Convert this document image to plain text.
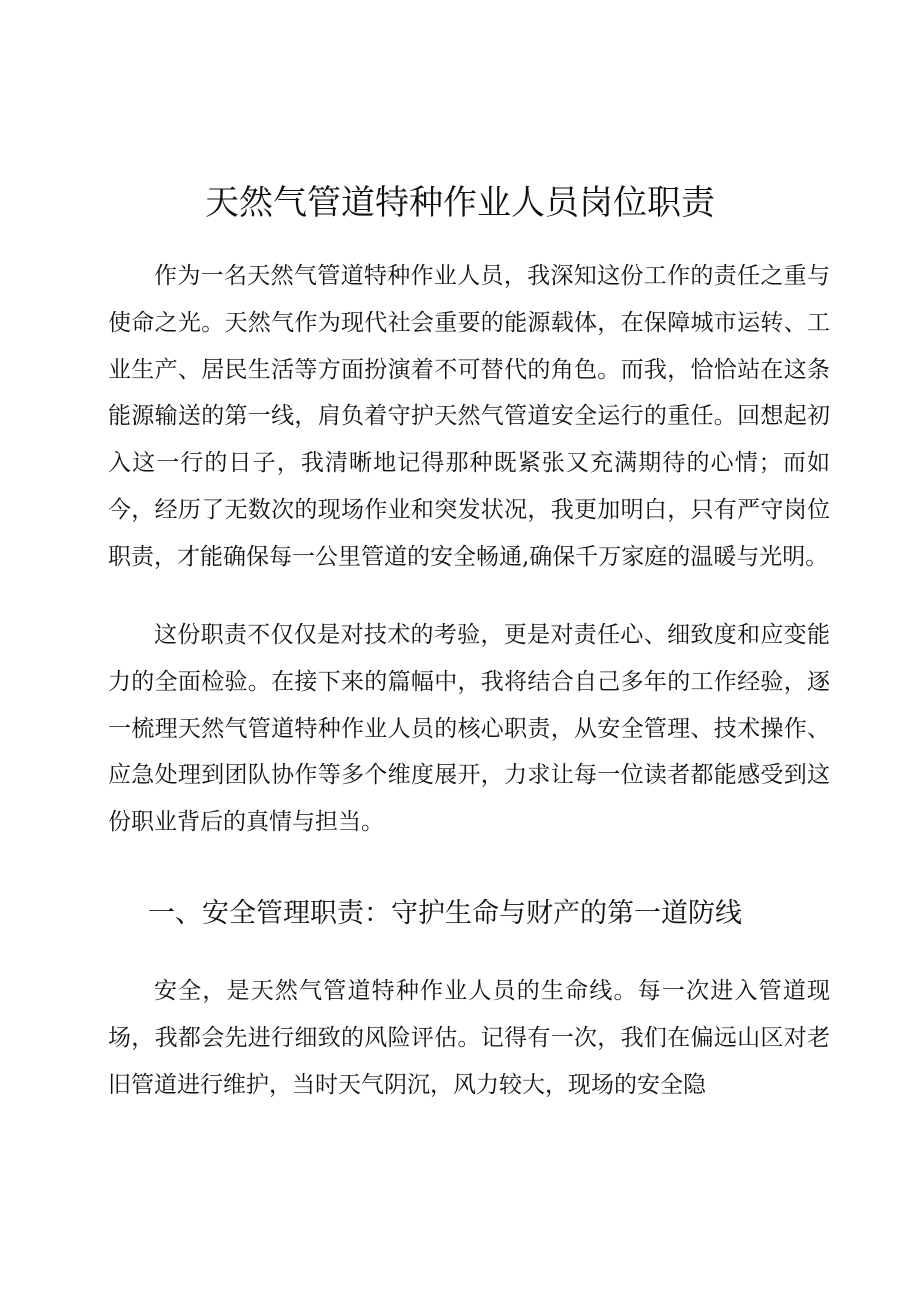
天然气管道特种作业人员岗位职责

作为一名天然气管道特种作业人员，我深知这份工作的责任之重与使命之光。天然气作为现代社会重要的能源载体，在保障城市运转、工业生产、居民生活等方面扮演着不可替代的角色。而我，恰恰站在这条能源输送的第一线，肩负着守护天然气管道安全运行的重任。回想起初入这一行的日子，我清晰地记得那种既紧张又充满期待的心情；而如今，经历了无数次的现场作业和突发状况，我更加明白，只有严守岗位职责，才能确保每一公里管道的安全畅通,确保千万家庭的温暖与光明。

这份职责不仅仅是对技术的考验，更是对责任心、细致度和应变能力的全面检验。在接下来的篇幅中，我将结合自己多年的工作经验，逐一梳理天然气管道特种作业人员的核心职责，从安全管理、技术操作、应急处理到团队协作等多个维度展开，力求让每一位读者都能感受到这份职业背后的真情与担当。

一、安全管理职责：守护生命与财产的第一道防线

安全，是天然气管道特种作业人员的生命线。每一次进入管道现场，我都会先进行细致的风险评估。记得有一次，我们在偏远山区对老旧管道进行维护，当时天气阴沉，风力较大，现场的安全隐
